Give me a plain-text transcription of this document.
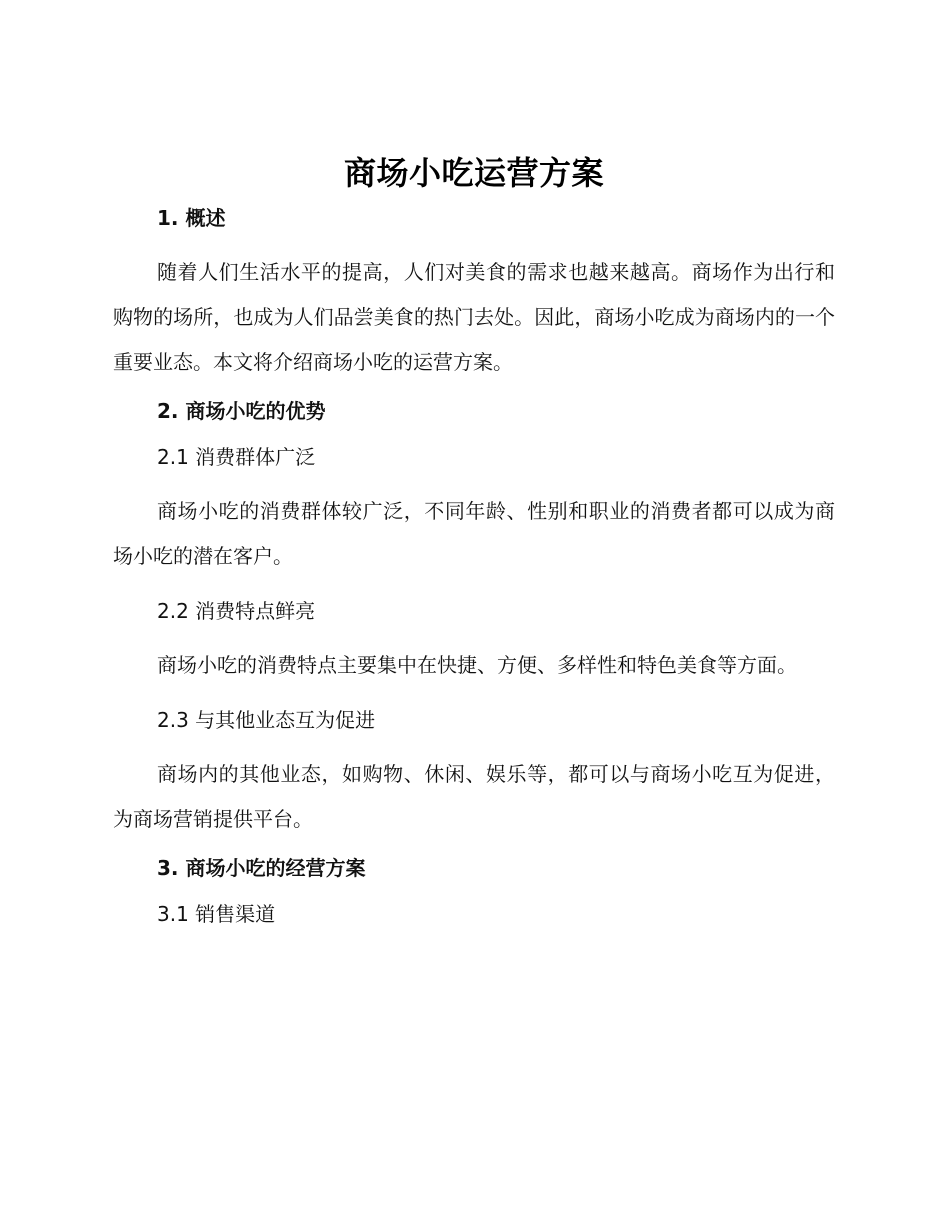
商场小吃运营方案
1. 概述
随着人们生活水平的提高，人们对美食的需求也越来越高。商场作为出行和购物的场所，也成为人们品尝美食的热门去处。因此，商场小吃成为商场内的一个重要业态。本文将介绍商场小吃的运营方案。
2. 商场小吃的优势
2.1 消费群体广泛
商场小吃的消费群体较广泛，不同年龄、性别和职业的消费者都可以成为商场小吃的潜在客户。
2.2 消费特点鲜亮
商场小吃的消费特点主要集中在快捷、方便、多样性和特色美食等方面。
2.3 与其他业态互为促进
商场内的其他业态，如购物、休闲、娱乐等，都可以与商场小吃互为促进，为商场营销提供平台。
3. 商场小吃的经营方案
3.1 销售渠道
